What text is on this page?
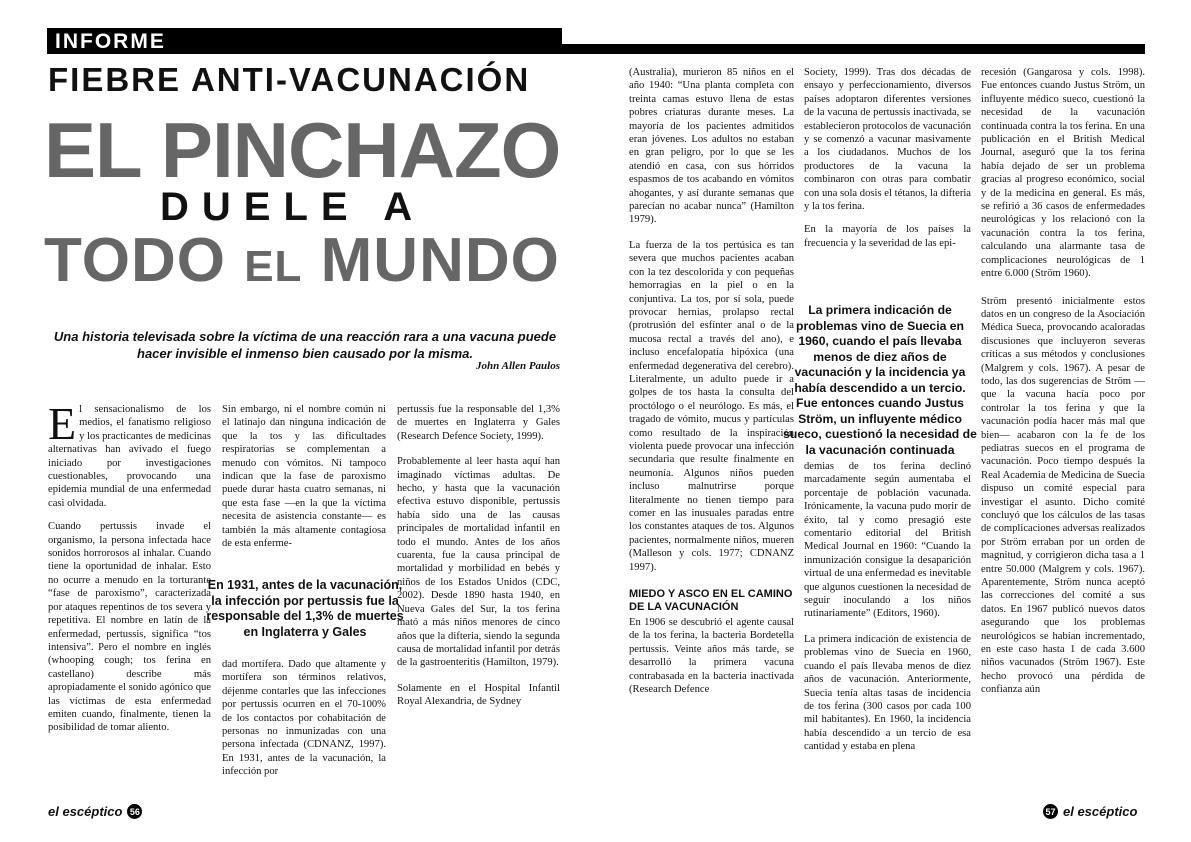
INFORME
FIEBRE ANTI-VACUNACIÓN
EL PINCHAZO
DUELE A
TODO EL MUNDO
Una historia televisada sobre la víctima de una reacción rara a una vacuna puede hacer invisible el inmenso bien causado por la misma.
John Allen Paulos

El sensacionalismo de los medios, el fanatismo religioso y los practicantes de medicinas alternativas han avivado el fuego iniciado por investigaciones cuestionables, provocando una epidemia mundial de una enfermedad casi olvidada.

Cuando pertussis invade el organismo, la persona infectada hace sonidos horrorosos al inhalar. Cuando tiene la oportunidad de inhalar. Esto no ocurre a menudo en la torturante “fase de paroxismo”, caracterizada por ataques repentinos de tos severa y repetitiva. El nombre en latín de la enfermedad, pertussis, significa “tos intensiva”. Pero el nombre en inglés (whooping cough; tos ferina en castellano) describe más apropiadamente el sonido agónico que las víctimas de esta enfermedad emiten cuando, finalmente, tienen la posibilidad de tomar aliento.

Sin embargo, ni el nombre común ni el latinajo dan ninguna indicación de que la tos y las dificultades respiratorias se complementan a menudo con vómitos. Ni tampoco indican que la fase de paroxismo puede durar hasta cuatro semanas, ni que esta fase —en la que la víctima necesita de asistencia constante— es también la más altamente contagiosa de esta enferme-
En 1931, antes de la vacunación, la infección por pertussis fue la responsable del 1,3% de muertes en Inglaterra y Gales
dad mortífera. Dado que altamente y mortífera son términos relativos, déjenme contarles que las infecciones por pertussis ocurren en el 70-100% de los contactos por cohabitación de personas no inmunizadas con una persona infectada (CDNANZ, 1997). En 1931, antes de la vacunación, la infección por

pertussis fue la responsable del 1,3% de muertes en Inglaterra y Gales (Research Defence Society, 1999).

Probablemente al leer hasta aquí han imaginado víctimas adultas. De hecho, y hasta que la vacunación efectiva estuvo disponible, pertussis había sido una de las causas principales de mortalidad infantil en todo el mundo. Antes de los años cuarenta, fue la causa principal de mortalidad y morbilidad en bebés y niños de los Estados Unidos (CDC, 2002). Desde 1890 hasta 1940, en Nueva Gales del Sur, la tos ferina mató a más niños menores de cinco años que la difteria, siendo la segunda causa de mortalidad infantil por detrás de la gastroenteritis (Hamilton, 1979).

Solamente en el Hospital Infantil Royal Alexandria, de Sydney

(Australia), murieron 85 niños en el año 1940: “Una planta completa con treinta camas estuvo llena de estas pobres criaturas durante meses. La mayoría de los pacientes admitidos eran jóvenes. Los adultos no estaban en gran peligro, por lo que se les atendió en casa, con sus hórridos espasmos de tos acabando en vómitos ahogantes, y así durante semanas que parecían no acabar nunca” (Hamilton 1979).

La fuerza de la tos pertúsica es tan severa que muchos pacientes acaban con la tez descolorida y con pequeñas hemorragias en la piel o en la conjuntiva. La tos, por sí sola, puede provocar hernias, prolapso rectal (protrusión del esfínter anal o de la mucosa rectal a través del ano), e incluso encefalopatía hipóxica (una enfermedad degenerativa del cerebro). Literalmente, un adulto puede ir a golpes de tos hasta la consulta del proctólogo o el neurólogo. Es más, el tragado de vómito, mucus y partículas como resultado de la inspiración violenta puede provocar una infección secundaria que resulte finalmente en neumonía. Algunos niños pueden incluso malnutrirse porque literalmente no tienen tiempo para comer en las inusuales paradas entre los constantes ataques de tos. Algunos pacientes, normalmente niños, mueren (Malleson y cols. 1977; CDNANZ 1997).

MIEDO Y ASCO EN EL CAMINO DE LA VACUNACIÓN

En 1906 se descubrió el agente causal de la tos ferina, la bacteria Bordetella pertussis. Veinte años más tarde, se desarrolló la primera vacuna contrabasada en la bacteria inactivada (Research Defence

Society, 1999). Tras dos décadas de ensayo y perfeccionamiento, diversos países adoptaron diferentes versiones de la vacuna de pertussis inactivada, se establecieron protocolos de vacunación y se comenzó a vacunar masivamente a los ciudadanos. Muchos de los productores de la vacuna la combinaron con otras para combatir con una sola dosis el tétanos, la difteria y la tos ferina.

En la mayoría de los países la frecuencia y la severidad de las epi-

La primera indicación de problemas vino de Suecia en 1960, cuando el país llevaba menos de diez años de vacunación y la incidencia ya había descendido a un tercio. Fue entonces cuando Justus Ström, un influyente médico sueco, cuestionó la necesidad de la vacunación continuada

demias de tos ferina declinó marcadamente según aumentaba el porcentaje de población vacunada. Irónicamente, la vacuna pudo morir de éxito, tal y como presagió este comentario editorial del British Medical Journal en 1960: “Cuando la inmunización consigue la desaparición virtual de una enfermedad es inevitable que algunos cuestionen la necesidad de seguir inoculando a los niños rutinariamente” (Editors, 1960).

La primera indicación de existencia de problemas vino de Suecia en 1960, cuando el país llevaba menos de diez años de vacunación. Anteriormente, Suecia tenía altas tasas de incidencia de tos ferina (300 casos por cada 100 mil habitantes). En 1960, la incidencia había descendido a un tercio de esa cantidad y estaba en plena

recesión (Gangarosa y cols. 1998). Fue entonces cuando Justus Ström, un influyente médico sueco, cuestionó la necesidad de la vacunación continuada contra la tos ferina. En una publicación en el British Medical Journal, aseguró que la tos ferina había dejado de ser un problema gracias al progreso económico, social y de la medicina en general. Es más, se refirió a 36 casos de enfermedades neurológicas y los relacionó con la vacunación contra la tos ferina, calculando una alarmante tasa de complicaciones neurológicas de 1 entre 6.000 (Ström 1960).

Ström presentó inicialmente estos datos en un congreso de la Asociación Médica Sueca, provocando acaloradas discusiones que incluyeron severas críticas a sus métodos y conclusiones (Malgrem y cols. 1967). A pesar de todo, las dos sugerencias de Ström —que la vacuna hacía poco por controlar la tos ferina y que la vacunación podía hacer más mal que bien— acabaron con la fe de los pediatras suecos en el programa de vacunación. Poco tiempo después la Real Academia de Medicina de Suecia dispuso un comité especial para investigar el asunto. Dicho comité concluyó que los cálculos de las tasas de complicaciones adversas realizados por Ström erraban por un orden de magnitud, y corrigieron dicha tasa a 1 entre 50.000 (Malgrem y cols. 1967). Aparentemente, Ström nunca aceptó las correcciones del comité a sus datos. En 1967 publicó nuevos datos asegurando que los problemas neurológicos se habían incrementado, en este caso hasta 1 de cada 3.600 niños vacunados (Ström 1967). Este hecho provocó una pérdida de confianza aún

el escéptico 56	57 el escéptico
